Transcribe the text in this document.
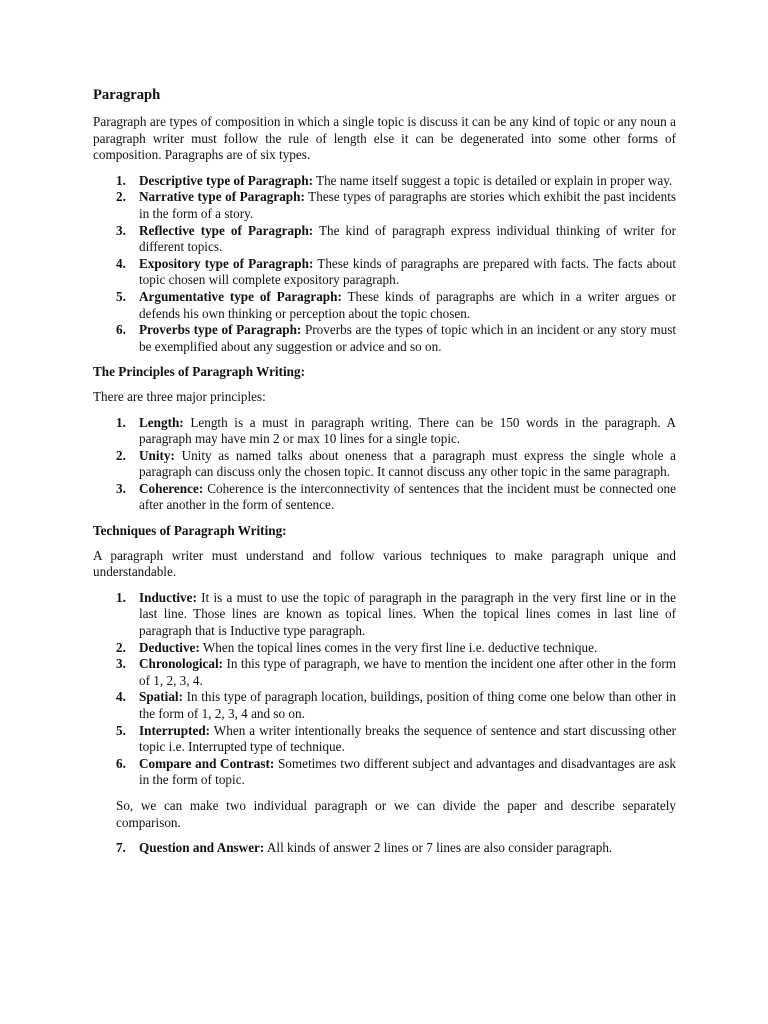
Paragraph

Paragraph are types of composition in which a single topic is discuss it can be any kind of topic or any noun a paragraph writer must follow the rule of length else it can be degenerated into some other forms of composition. Paragraphs are of six types.

1. Descriptive type of Paragraph: The name itself suggest a topic is detailed or explain in proper way.
2. Narrative type of Paragraph: These types of paragraphs are stories which exhibit the past incidents in the form of a story.
3. Reflective type of Paragraph: The kind of paragraph express individual thinking of writer for different topics.
4. Expository type of Paragraph: These kinds of paragraphs are prepared with facts. The facts about topic chosen will complete expository paragraph.
5. Argumentative type of Paragraph: These kinds of paragraphs are which in a writer argues or defends his own thinking or perception about the topic chosen.
6. Proverbs type of Paragraph: Proverbs are the types of topic which in an incident or any story must be exemplified about any suggestion or advice and so on.
The Principles of Paragraph Writing:

There are three major principles:

1. Length: Length is a must in paragraph writing. There can be 150 words in the paragraph. A paragraph may have min 2 or max 10 lines for a single topic.
2. Unity: Unity as named talks about oneness that a paragraph must express the single whole a paragraph can discuss only the chosen topic. It cannot discuss any other topic in the same paragraph.
3. Coherence: Coherence is the interconnectivity of sentences that the incident must be connected one after another in the form of sentence.
Techniques of Paragraph Writing:

A paragraph writer must understand and follow various techniques to make paragraph unique and understandable.

1. Inductive: It is a must to use the topic of paragraph in the paragraph in the very first line or in the last line. Those lines are known as topical lines. When the topical lines comes in last line of paragraph that is Inductive type paragraph.
2. Deductive: When the topical lines comes in the very first line i.e. deductive technique.
3. Chronological: In this type of paragraph, we have to mention the incident one after other in the form of 1, 2, 3, 4.
4. Spatial: In this type of paragraph location, buildings, position of thing come one below than other in the form of 1, 2, 3, 4 and so on.
5. Interrupted: When a writer intentionally breaks the sequence of sentence and start discussing other topic i.e. Interrupted type of technique.
6. Compare and Contrast: Sometimes two different subject and advantages and disadvantages are ask in the form of topic.

So, we can make two individual paragraph or we can divide the paper and describe separately comparison.

7. Question and Answer: All kinds of answer 2 lines or 7 lines are also consider paragraph.
